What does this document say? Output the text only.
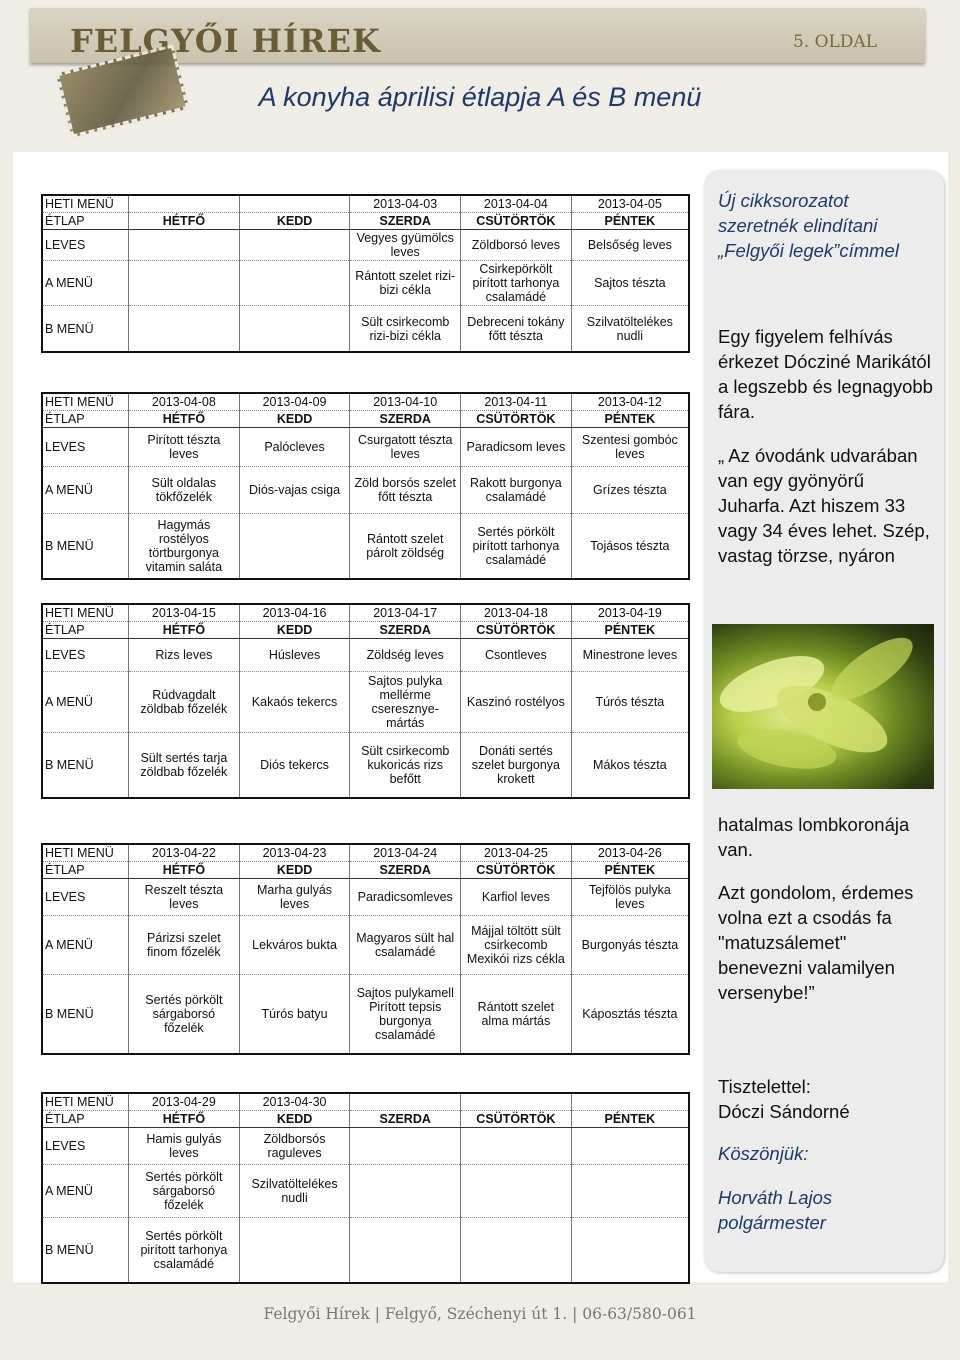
FELGYŐI HÍREK	5. OLDAL
A konyha áprilisi étlapja A és B menü
HETI MENÜ			2013-04-03	2013-04-04	2013-04-05
ÉTLAP	HÉTFŐ	KEDD	SZERDA	CSÜTÖRTÖK	PÉNTEK
LEVES			Vegyes gyümölcs leves	Zöldborsó leves	Belsőség leves
A MENÜ			Rántott szelet rizi-bizi cékla	Csirkepörkölt pirított tarhonya csalamádé	Sajtos tészta
B MENÜ			Sült csirkecomb rizi-bizi cékla	Debreceni tokány főtt tészta	Szilvatöltelékes nudli
HETI MENÜ	2013-04-08	2013-04-09	2013-04-10	2013-04-11	2013-04-12
ÉTLAP	HÉTFŐ	KEDD	SZERDA	CSÜTÖRTÖK	PÉNTEK
LEVES	Pirított tészta leves	Palócleves	Csurgatott tészta leves	Paradicsom leves	Szentesi gombóc leves
A MENÜ	Sült oldalas tökfőzelék	Diós-vajas csiga	Zöld borsós szelet főtt tészta	Rakott burgonya csalamádé	Grízes tészta
B MENÜ	Hagymás rostélyos törtburgonya vitamin saláta		Rántott szelet párolt zöldség	Sertés pörkölt pirított tarhonya csalamádé	Tojásos tészta
HETI MENÜ	2013-04-15	2013-04-16	2013-04-17	2013-04-18	2013-04-19
ÉTLAP	HÉTFŐ	KEDD	SZERDA	CSÜTÖRTÖK	PÉNTEK
LEVES	Rizs leves	Húsleves	Zöldség leves	Csontleves	Minestrone leves
A MENÜ	Rúdvagdalt zöldbab főzelék	Kakaós tekercs	Sajtos pulyka mellérme cseresznye-mártás	Kaszinó rostélyos	Túrós tészta
B MENÜ	Sült sertés tarja zöldbab főzelék	Diós tekercs	Sült csirkecomb kukoricás rizs befőtt	Donáti sertés szelet burgonya krokett	Mákos tészta
HETI MENÜ	2013-04-22	2013-04-23	2013-04-24	2013-04-25	2013-04-26
ÉTLAP	HÉTFŐ	KEDD	SZERDA	CSÜTÖRTÖK	PÉNTEK
LEVES	Reszelt tészta leves	Marha gulyás leves	Paradicsomleves	Karfiol leves	Tejfölös pulyka leves
A MENÜ	Párizsi szelet finom főzelék	Lekváros bukta	Magyaros sült hal csalamádé	Májjal töltött sült csirkecomb Mexikói rizs cékla	Burgonyás tészta
B MENÜ	Sertés pörkölt sárgaborsó főzelék	Túrós batyu	Sajtos pulykamell Pirított tepsis burgonya csalamádé	Rántott szelet alma mártás	Káposztás tészta
HETI MENÜ	2013-04-29	2013-04-30			
ÉTLAP	HÉTFŐ	KEDD	SZERDA	CSÜTÖRTÖK	PÉNTEK
LEVES	Hamis gulyás leves	Zöldborsós raguleves			
A MENÜ	Sertés pörkölt sárgaborsó főzelék	Szilvatöltelékes nudli			
B MENÜ	Sertés pörkölt pirított tarhonya csalamádé				
Új cikksorozatot szeretnék elindítani „Felgyői legek”címmel
Egy figyelem felhívás érkezet Dócziné Marikától a legszebb és legnagyobb fára.
„ Az óvodánk udvarában van egy gyönyörű Juharfa. Azt hiszem 33 vagy 34 éves lehet. Szép, vastag törzse, nyáron
hatalmas lombkoronája van.
Azt gondolom, érdemes volna ezt a csodás fa "matuzsálemet" benevezni valamilyen versenybe!”
Tisztelettel:
Dóczi Sándorné
Köszönjük:
Horváth Lajos
polgármester
Felgyői Hírek | Felgyő, Széchenyi út 1. | 06-63/580-061
